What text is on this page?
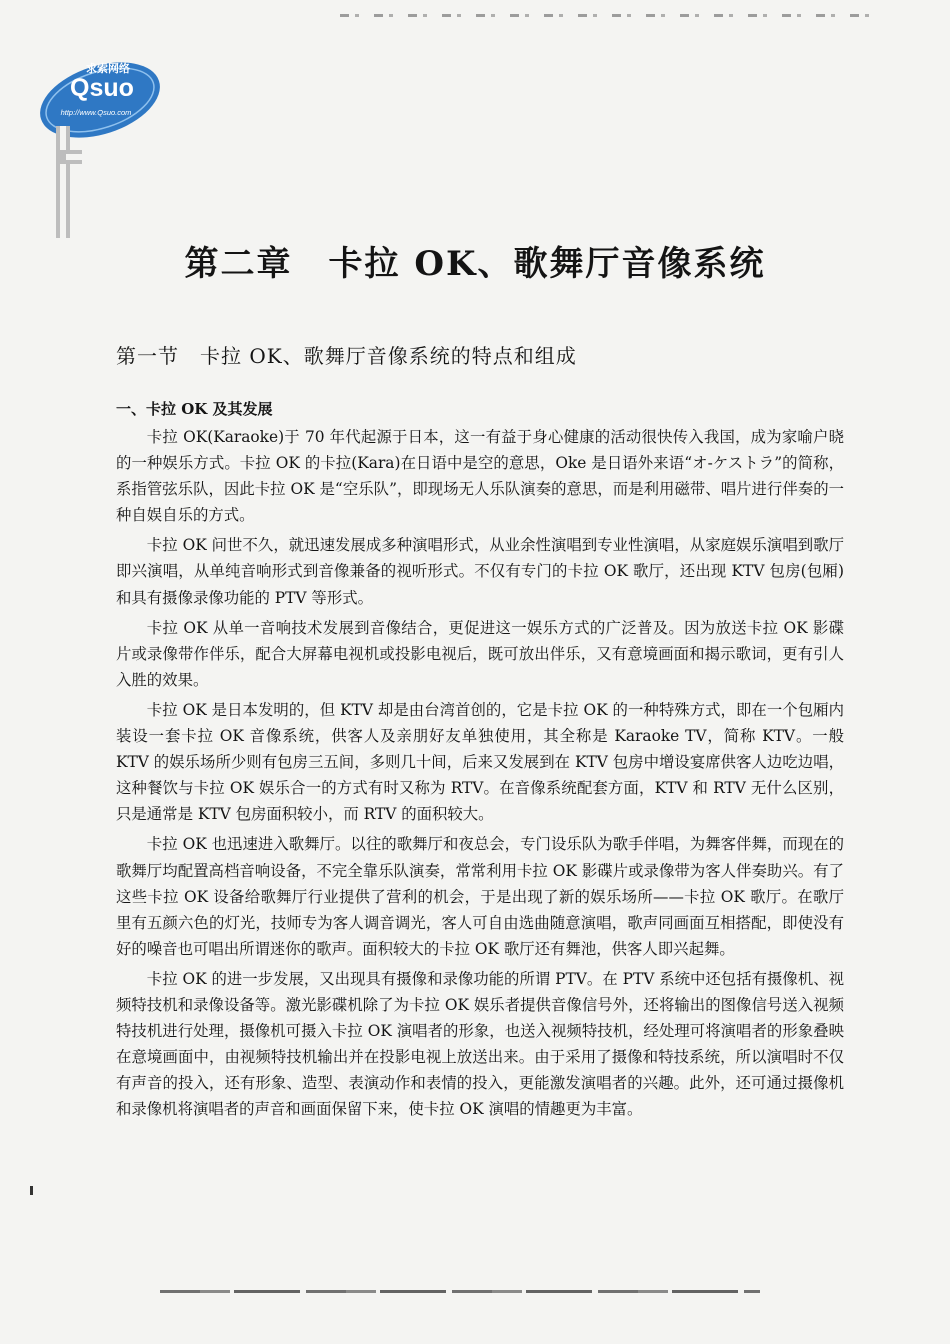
求索网络
Qsuo
http://www.Qsuo.com
第二章　卡拉 OK、歌舞厅音像系统
第一节　卡拉 OK、歌舞厅音像系统的特点和组成
一、卡拉 OK 及其发展

卡拉 OK(Karaoke)于 70 年代起源于日本，这一有益于身心健康的活动很快传入我国，成为家喻户晓的一种娱乐方式。卡拉 OK 的卡拉(Kara)在日语中是空的意思，Oke 是日语外来语“オ-ケストラ”的简称，系指管弦乐队，因此卡拉 OK 是“空乐队”，即现场无人乐队演奏的意思，而是利用磁带、唱片进行伴奏的一种自娱自乐的方式。

卡拉 OK 问世不久，就迅速发展成多种演唱形式，从业余性演唱到专业性演唱，从家庭娱乐演唱到歌厅即兴演唱，从单纯音响形式到音像兼备的视听形式。不仅有专门的卡拉 OK 歌厅，还出现 KTV 包房(包厢)和具有摄像录像功能的 PTV 等形式。

卡拉 OK 从单一音响技术发展到音像结合，更促进这一娱乐方式的广泛普及。因为放送卡拉 OK 影碟片或录像带作伴乐，配合大屏幕电视机或投影电视后，既可放出伴乐，又有意境画面和揭示歌词，更有引人入胜的效果。

卡拉 OK 是日本发明的，但 KTV 却是由台湾首创的，它是卡拉 OK 的一种特殊方式，即在一个包厢内装设一套卡拉 OK 音像系统，供客人及亲朋好友单独使用，其全称是 Karaoke TV，简称 KTV。一般 KTV 的娱乐场所少则有包房三五间，多则几十间，后来又发展到在 KTV 包房中增设宴席供客人边吃边唱，这种餐饮与卡拉 OK 娱乐合一的方式有时又称为 RTV。在音像系统配套方面，KTV 和 RTV 无什么区别，只是通常是 KTV 包房面积较小，而 RTV 的面积较大。

卡拉 OK 也迅速进入歌舞厅。以往的歌舞厅和夜总会，专门设乐队为歌手伴唱，为舞客伴舞，而现在的歌舞厅均配置高档音响设备，不完全靠乐队演奏，常常利用卡拉 OK 影碟片或录像带为客人伴奏助兴。有了这些卡拉 OK 设备给歌舞厅行业提供了营利的机会，于是出现了新的娱乐场所——卡拉 OK 歌厅。在歌厅里有五颜六色的灯光，技师专为客人调音调光，客人可自由选曲随意演唱，歌声同画面互相搭配，即使没有好的噪音也可唱出所谓迷你的歌声。面积较大的卡拉 OK 歌厅还有舞池，供客人即兴起舞。

卡拉 OK 的进一步发展，又出现具有摄像和录像功能的所谓 PTV。在 PTV 系统中还包括有摄像机、视频特技机和录像设备等。激光影碟机除了为卡拉 OK 娱乐者提供音像信号外，还将输出的图像信号送入视频特技机进行处理，摄像机可摄入卡拉 OK 演唱者的形象，也送入视频特技机，经处理可将演唱者的形象叠映在意境画面中，由视频特技机输出并在投影电视上放送出来。由于采用了摄像和特技系统，所以演唱时不仅有声音的投入，还有形象、造型、表演动作和表情的投入，更能激发演唱者的兴趣。此外，还可通过摄像机和录像机将演唱者的声音和画面保留下来，使卡拉 OK 演唱的情趣更为丰富。
